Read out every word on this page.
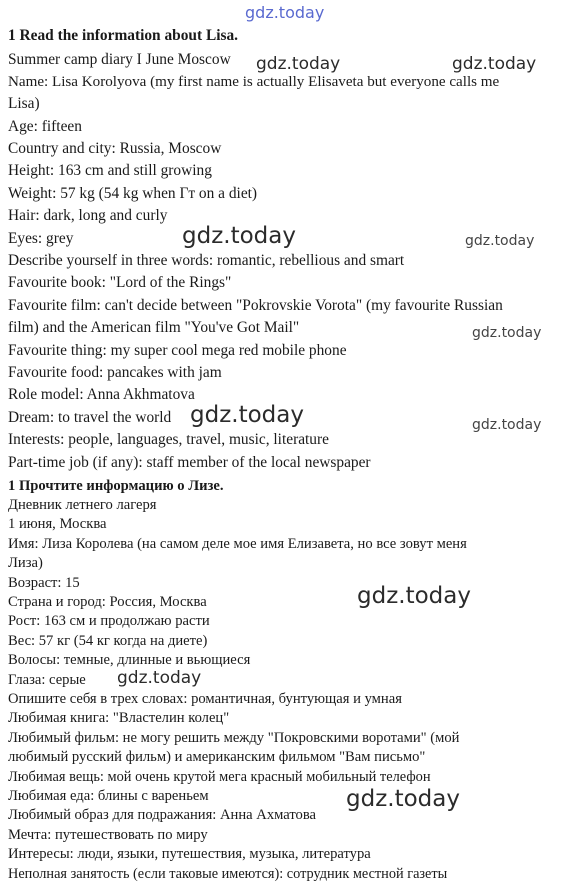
gdz.today
1 Read the information about Lisa.
Summer camp diary I June Moscow
Name: Lisa Korolyova (my first name is actually Elisaveta but everyone calls me
Lisa)
Age: fifteen
Country and city: Russia, Moscow
Height: 163 cm and still growing
Weight: 57 kg (54 kg when Гт on a diet)
Hair: dark, long and curly
Eyes: grey
Describe yourself in three words: romantic, rebellious and smart
Favourite book: "Lord of the Rings"
Favourite film: can't decide between "Pokrovskie Vorota" (my favourite Russian
film) and the American film "You've Got Mail"
Favourite thing: my super cool mega red mobile phone
Favourite food: pancakes with jam
Role model: Anna Akhmatova
Dream: to travel the world
Interests: people, languages, travel, music, literature
Part-time job (if any): staff member of the local newspaper
1 Прочтите информацию о Лизе.
Дневник летнего лагеря
1 июня, Москва
Имя: Лиза Королева (на самом деле мое имя Елизавета, но все зовут меня
Лиза)
Возраст: 15
Страна и город: Россия, Москва
Рост: 163 см и продолжаю расти
Вес: 57 кг (54 кг когда на диете)
Волосы: темные, длинные и вьющиеся
Глаза: серые
Опишите себя в трех словах: романтичная, бунтующая и умная
Любимая книга: "Властелин колец"
Любимый фильм: не могу решить между "Покровскими воротами" (мой
любимый русский фильм) и американским фильмом "Вам письмо"
Любимая вещь: мой очень крутой мега красный мобильный телефон
Любимая еда: блины с вареньем
Любимый образ для подражания: Анна Ахматова
Мечта: путешествовать по миру
Интересы: люди, языки, путешествия, музыка, литература
Неполная занятость (если таковые имеются): сотрудник местной газеты
gdz.today	gdz.today
gdz.today	gdz.today
gdz.today
gdz.today	gdz.today
gdz.today
gdz.today
gdz.today
